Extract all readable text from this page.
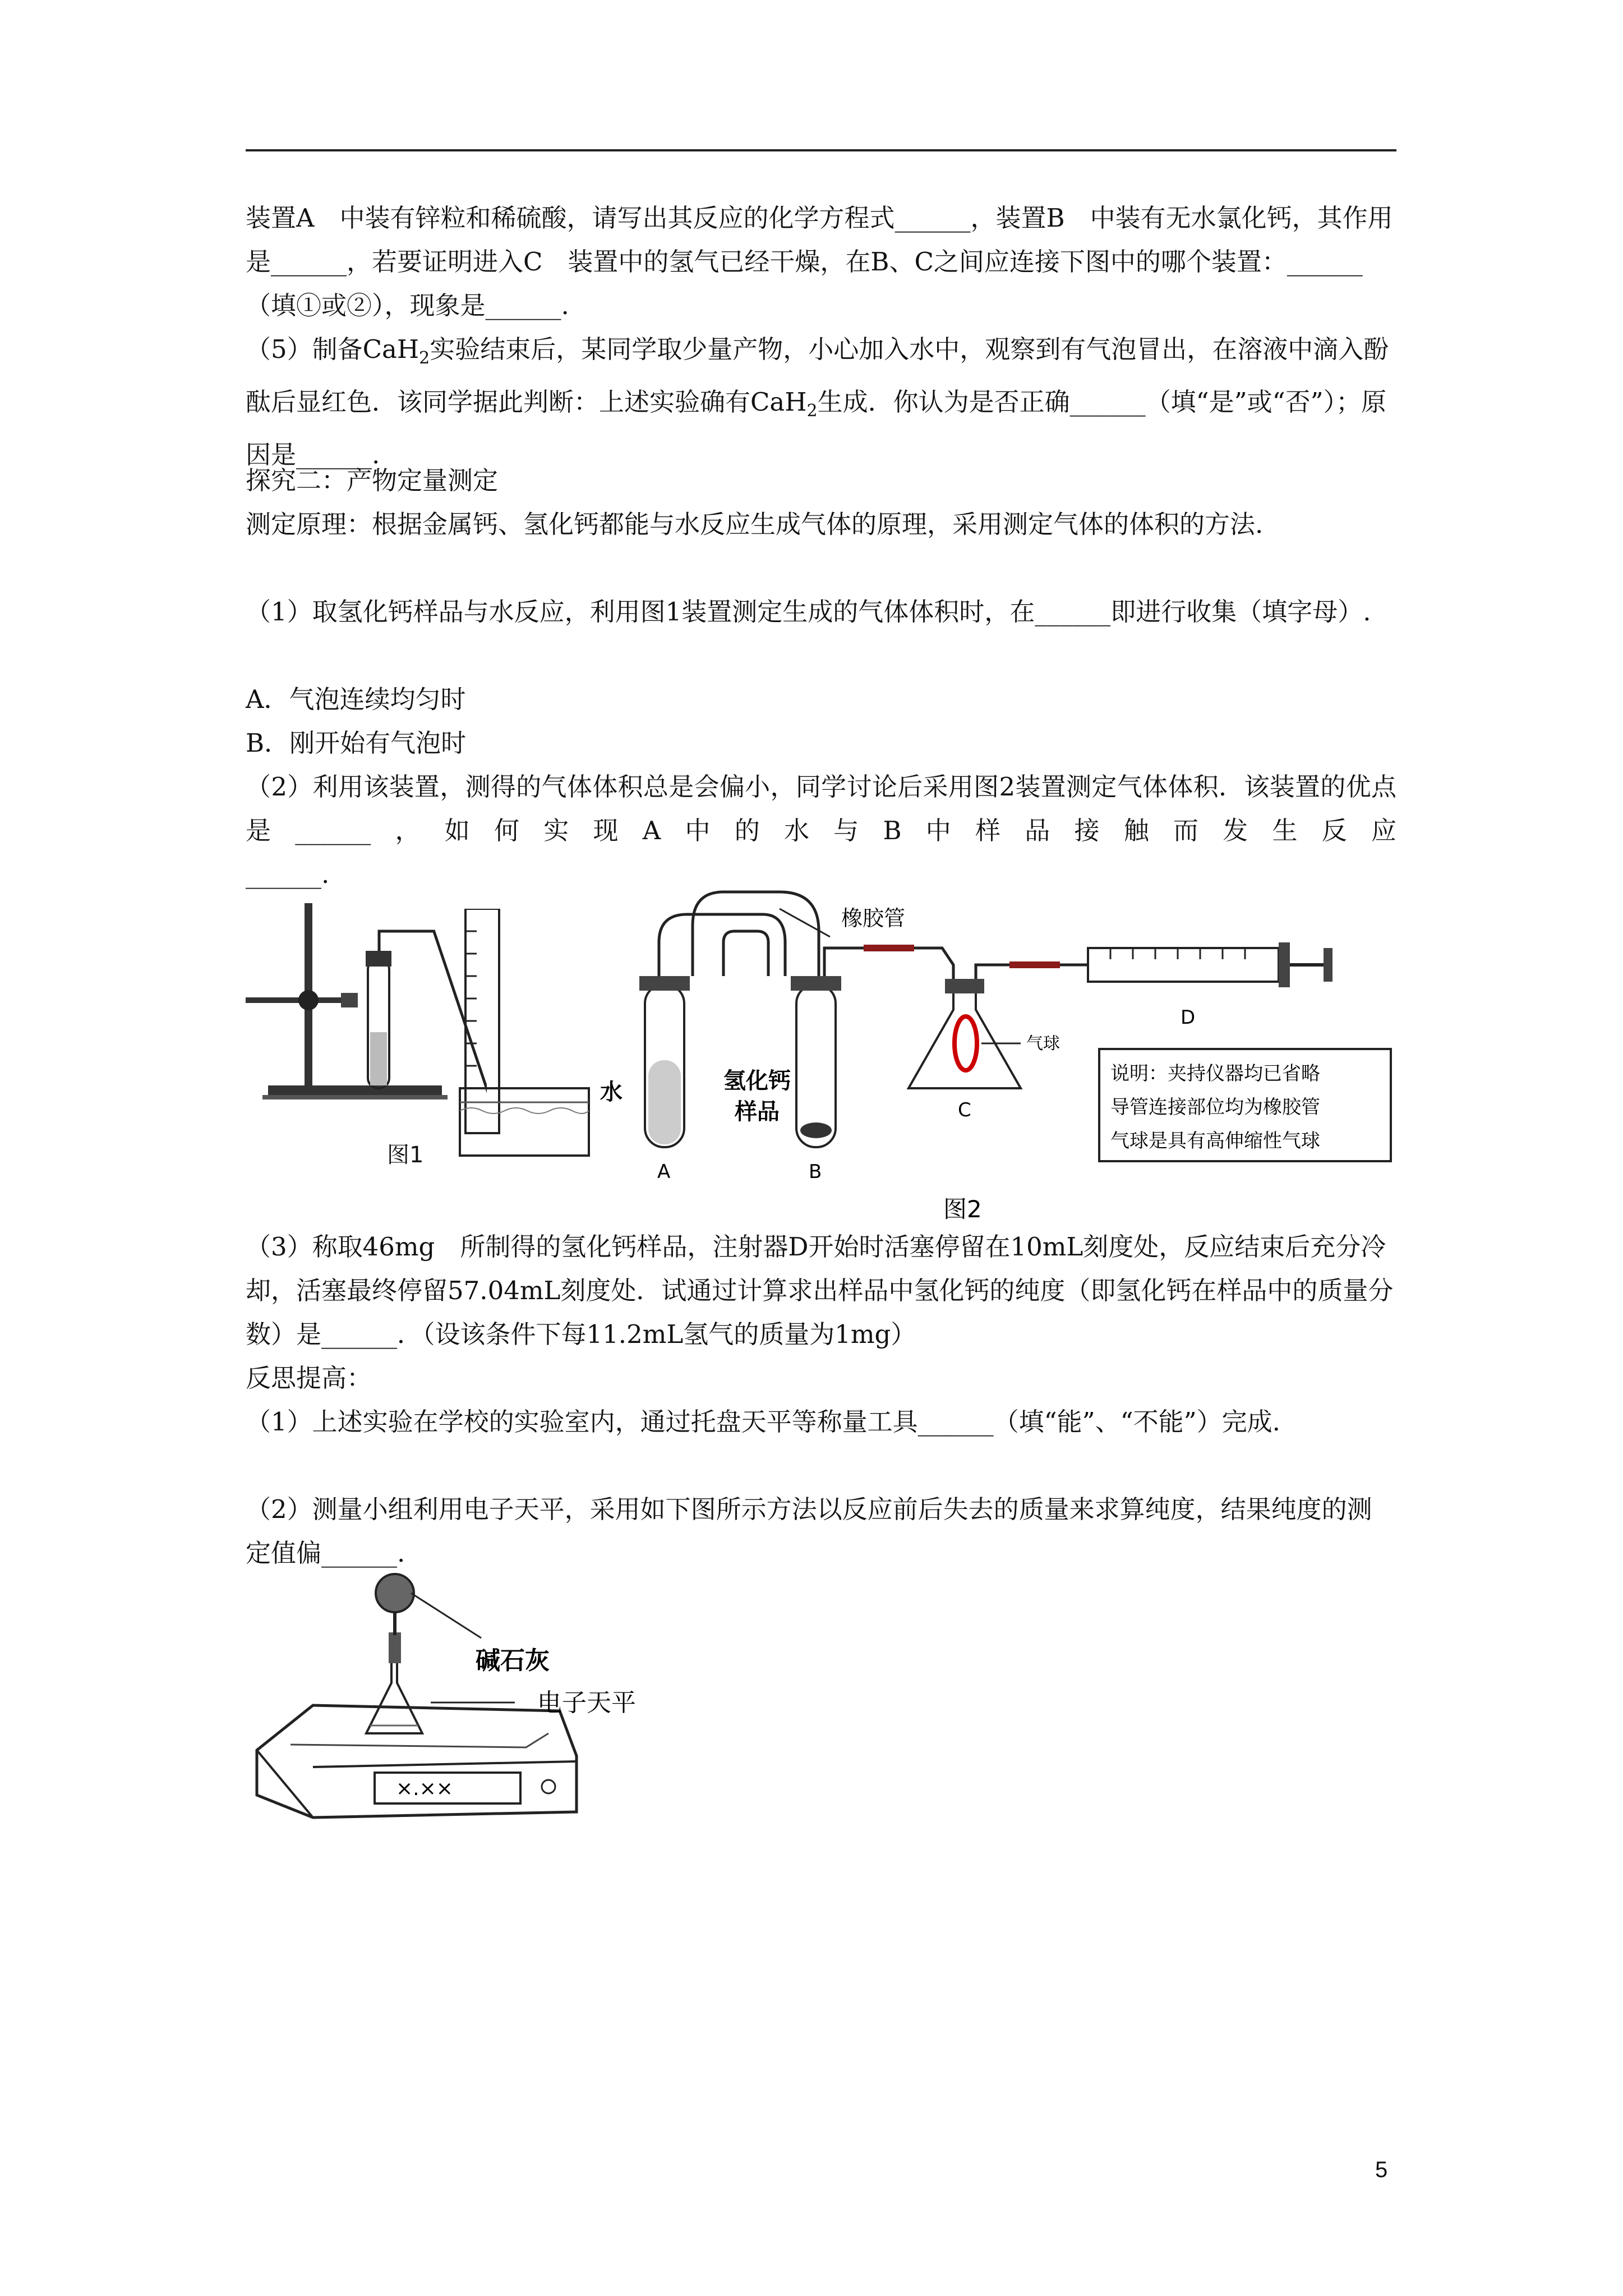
装置A　中装有锌粒和稀硫酸，请写出其反应的化学方程式______，装置B　中装有无水氯化钙，其作用是______，若要证明进入C　装置中的氢气已经干燥，在B、C之间应连接下图中的哪个装置：______（填①或②），现象是______.

（5）制备CaH$_2$实验结束后，某同学取少量产物，小心加入水中，观察到有气泡冒出，在溶液中滴入酚酞后显红色．该同学据此判断：上述实验确有CaH$_2$生成．你认为是否正确______（填“是”或“否”）；原因是______.

探究二：产物定量测定

测定原理：根据金属钙、氢化钙都能与水反应生成气体的原理，采用测定气体的体积的方法.

（1）取氢化钙样品与水反应，利用图1装置测定生成的气体体积时，在______即进行收集（填字母）.

A．气泡连续均匀时

B．刚开始有气泡时

（2）利用该装置，测得的气体体积总是会偏小，同学讨论后采用图2装置测定气体体积．该装置的优点是______，如何实现A中的水与B中样品接触而发生反应

______.

图1
橡胶管
水	氢化钙
样品
气球
A	B
C
D
说明：夹持仪器均已省略
导管连接部位均为橡胶管
气球是具有高伸缩性气球
图2

（3）称取46mg　所制得的氢化钙样品，注射器D开始时活塞停留在10mL刻度处，反应结束后充分冷却，活塞最终停留57.04mL刻度处．试通过计算求出样品中氢化钙的纯度（即氢化钙在样品中的质量分数）是______．（设该条件下每11.2mL氢气的质量为1mg）

反思提高：

（1）上述实验在学校的实验室内，通过托盘天平等称量工具______（填“能”、“不能”）完成.

（2）测量小组利用电子天平，采用如下图所示方法以反应前后失去的质量来求算纯度，结果纯度的测定值偏______.

×.××
碱石灰
电子天平
5
